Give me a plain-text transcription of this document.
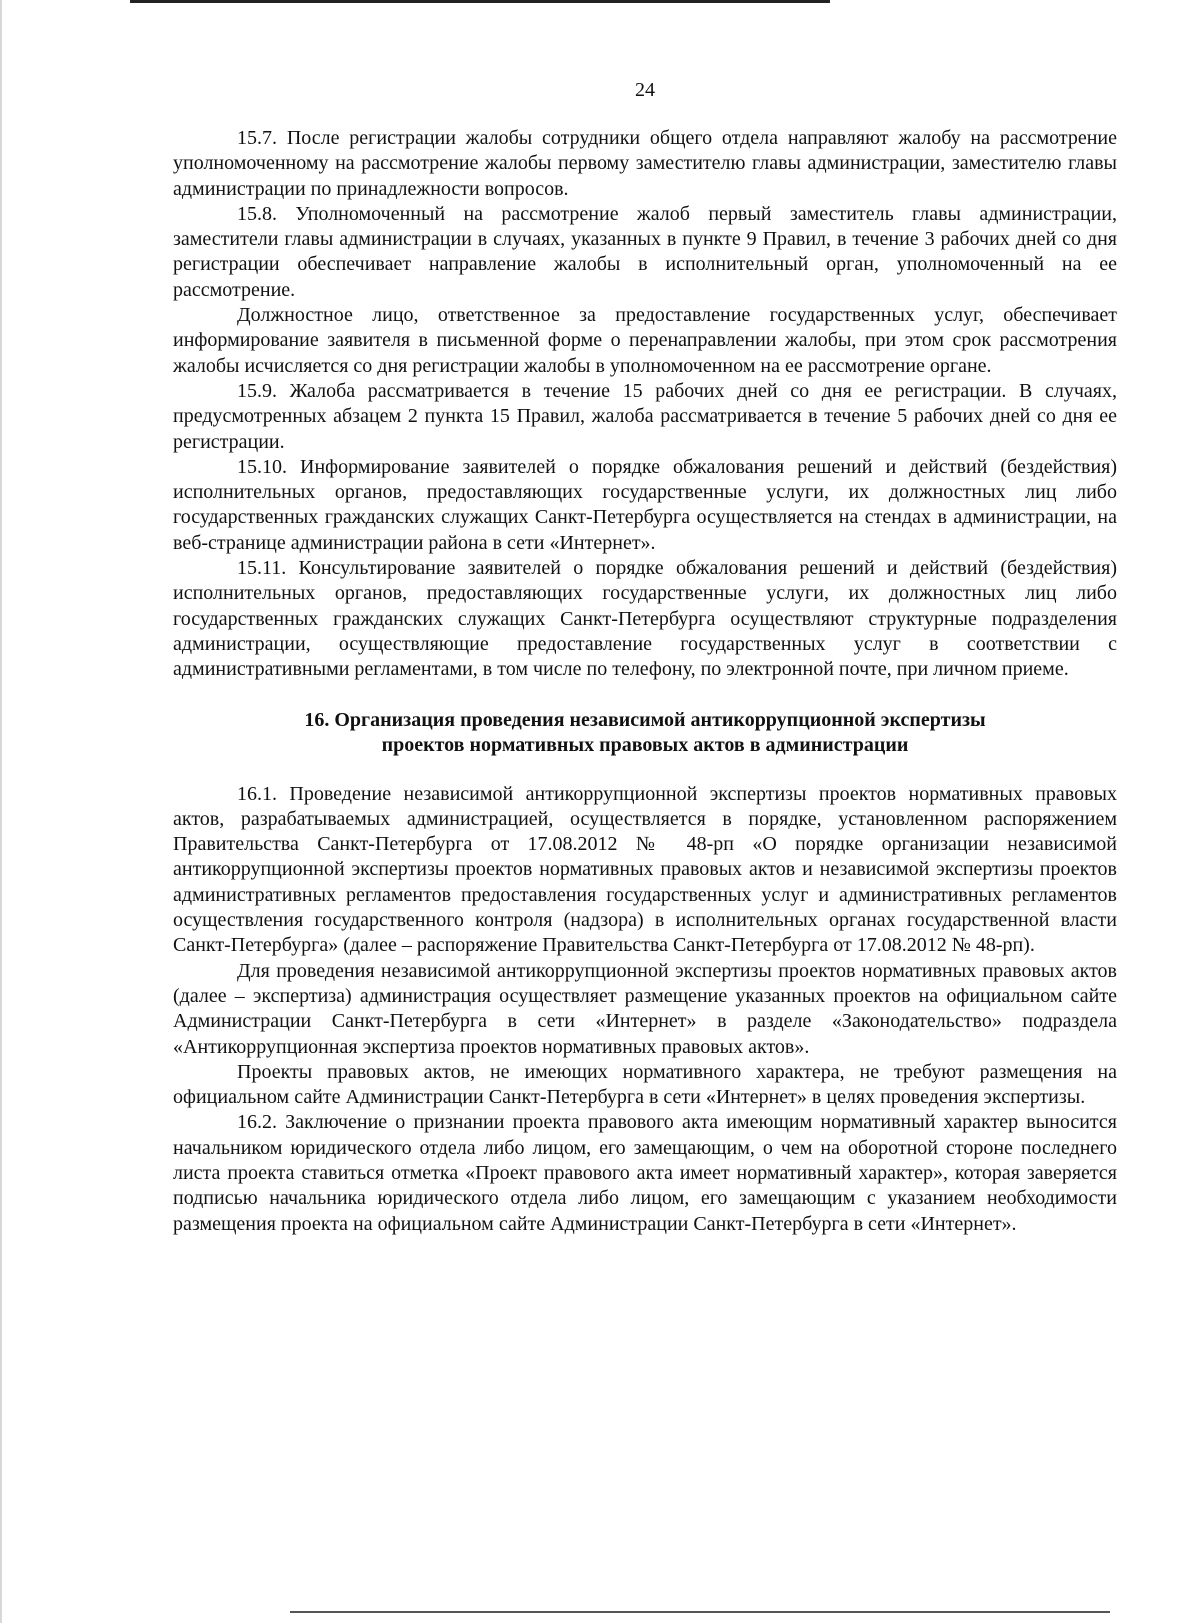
24

15.7. После регистрации жалобы сотрудники общего отдела направляют жалобу на рассмотрение уполномоченному на рассмотрение жалобы первому заместителю главы администрации, заместителю главы администрации по принадлежности вопросов.

15.8. Уполномоченный на рассмотрение жалоб первый заместитель главы администрации, заместители главы администрации в случаях, указанных в пункте 9 Правил, в течение 3 рабочих дней со дня регистрации обеспечивает направление жалобы в исполнительный орган, уполномоченный на ее рассмотрение.

Должностное лицо, ответственное за предоставление государственных услуг, обеспечивает информирование заявителя в письменной форме о перенаправлении жалобы, при этом срок рассмотрения жалобы исчисляется со дня регистрации жалобы в уполномоченном на ее рассмотрение органе.

15.9. Жалоба рассматривается в течение 15 рабочих дней со дня ее регистрации. В случаях, предусмотренных абзацем 2 пункта 15 Правил, жалоба рассматривается в течение 5 рабочих дней со дня ее регистрации.

15.10. Информирование заявителей о порядке обжалования решений и действий (бездействия) исполнительных органов, предоставляющих государственные услуги, их должностных лиц либо государственных гражданских служащих Санкт-Петербурга осуществляется на стендах в администрации, на веб-странице администрации района в сети «Интернет».

15.11. Консультирование заявителей о порядке обжалования решений и действий (бездействия) исполнительных органов, предоставляющих государственные услуги, их должностных лиц либо государственных гражданских служащих Санкт-Петербурга осуществляют структурные подразделения администрации, осуществляющие предоставление государственных услуг в соответствии с административными регламентами, в том числе по телефону, по электронной почте, при личном приеме.

16. Организация проведения независимой антикоррупционной экспертизы
проектов нормативных правовых актов в администрации

16.1. Проведение независимой антикоррупционной экспертизы проектов нормативных правовых актов, разрабатываемых администрацией, осуществляется в порядке, установленном распоряжением Правительства Санкт-Петербурга от 17.08.2012 № 48-рп «О порядке организации независимой антикоррупционной экспертизы проектов нормативных правовых актов и независимой экспертизы проектов административных регламентов предоставления государственных услуг и административных регламентов осуществления государственного контроля (надзора) в исполнительных органах государственной власти Санкт-Петербурга» (далее – распоряжение Правительства Санкт-Петербурга от 17.08.2012 № 48-рп).

Для проведения независимой антикоррупционной экспертизы проектов нормативных правовых актов (далее – экспертиза) администрация осуществляет размещение указанных проектов на официальном сайте Администрации Санкт-Петербурга в сети «Интернет» в разделе «Законодательство» подраздела «Антикоррупционная экспертиза проектов нормативных правовых актов».

Проекты правовых актов, не имеющих нормативного характера, не требуют размещения на официальном сайте Администрации Санкт-Петербурга в сети «Интернет» в целях проведения экспертизы.

16.2. Заключение о признании проекта правового акта имеющим нормативный характер выносится начальником юридического отдела либо лицом, его замещающим, о чем на оборотной стороне последнего листа проекта ставиться отметка «Проект правового акта имеет нормативный характер», которая заверяется подписью начальника юридического отдела либо лицом, его замещающим с указанием необходимости размещения проекта на официальном сайте Администрации Санкт-Петербурга в сети «Интернет».
